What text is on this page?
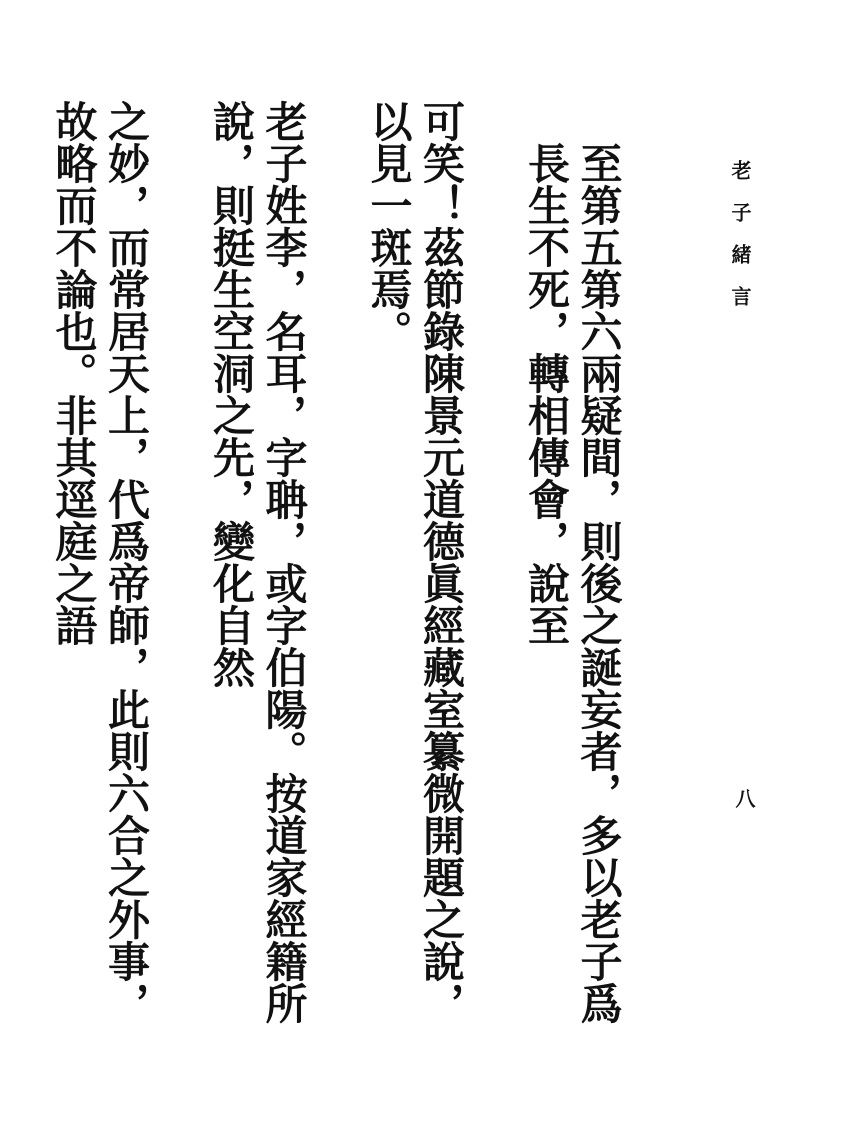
老子緒言
八

至第五第六兩疑間，則後之誕妄者，多以老子爲長生不死，轉相傳會，說至

可笑！茲節錄陳景元道德眞經藏室纂微開題之說，以見一斑焉。

老子姓李，名耳，字聃，或字伯陽。按道家經籍所說，則挺生空洞之先，變化自然

之妙，而常居天上，代爲帝師，此則六合之外事，故略而不論也。非其逕庭之語
